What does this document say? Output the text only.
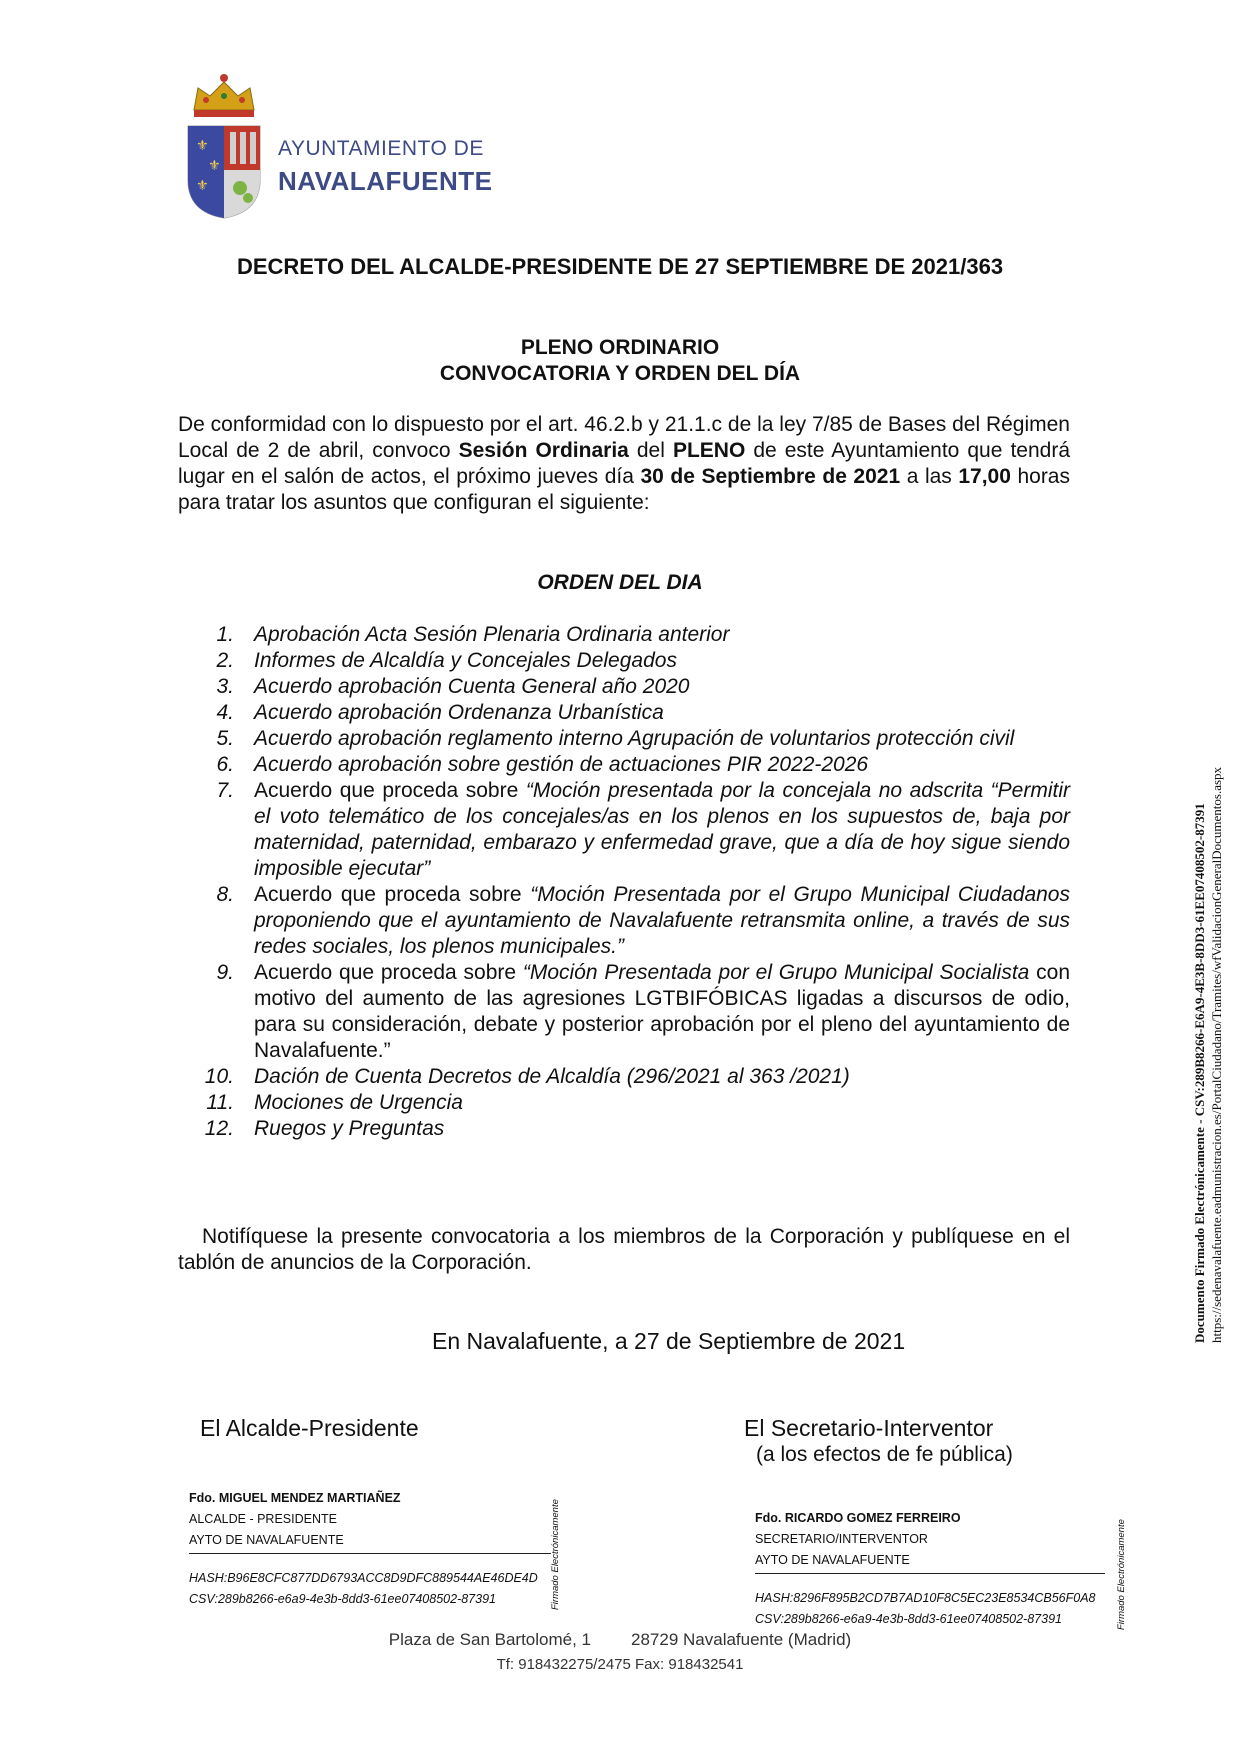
⚜
⚜
⚜
AYUNTAMIENTO DE
NAVALAFUENTE
DECRETO DEL ALCALDE-PRESIDENTE DE 27 SEPTIEMBRE DE 2021/363
PLENO ORDINARIO
CONVOCATORIA Y ORDEN DEL DÍA
De conformidad con lo dispuesto por el art. 46.2.b y 21.1.c de la ley 7/85 de Bases del Régimen Local de 2 de abril, convoco Sesión Ordinaria del PLENO de este Ayuntamiento que tendrá lugar en el salón de actos, el próximo jueves día 30 de Septiembre de 2021 a las 17,00 horas para tratar los asuntos que configuran el siguiente:
ORDEN DEL DIA
1. Aprobación Acta Sesión Plenaria Ordinaria anterior
2. Informes de Alcaldía y Concejales Delegados
3. Acuerdo aprobación Cuenta General año 2020
4. Acuerdo aprobación Ordenanza Urbanística
5. Acuerdo aprobación reglamento interno Agrupación de voluntarios protección civil
6. Acuerdo aprobación sobre gestión de actuaciones PIR 2022-2026
7. Acuerdo que proceda sobre “Moción presentada por la concejala no adscrita “Permitir el voto telemático de los concejales/as en los plenos en los supuestos de, baja por maternidad, paternidad, embarazo y enfermedad grave, que a día de hoy sigue siendo imposible ejecutar”
8. Acuerdo que proceda sobre “Moción Presentada por el Grupo Municipal Ciudadanos proponiendo que el ayuntamiento de Navalafuente retransmita online, a través de sus redes sociales, los plenos municipales.”
9. Acuerdo que proceda sobre “Moción Presentada por el Grupo Municipal Socialista con motivo del aumento de las agresiones LGTBIFÓBICAS ligadas a discursos de odio, para su consideración, debate y posterior aprobación por el pleno del ayuntamiento de Navalafuente.”
10. Dación de Cuenta Decretos de Alcaldía (296/2021 al 363 /2021)
11. Mociones de Urgencia
12. Ruegos y Preguntas
Notifíquese la presente convocatoria a los miembros de la Corporación y publíquese en el tablón de anuncios de la Corporación.
En Navalafuente, a 27 de Septiembre de 2021
El Alcalde-Presidente	El Secretario-Interventor
(a los efectos de fe pública)
Fdo. MIGUEL MENDEZ MARTIAÑEZ
ALCALDE - PRESIDENTE
AYTO DE NAVALAFUENTE
HASH:B96E8CFC877DD6793ACC8D9DFC889544AE46DE4D
CSV:289b8266-e6a9-4e3b-8dd3-61ee07408502-87391	Firmado Electrónicamente	Fdo. RICARDO GOMEZ FERREIRO
SECRETARIO/INTERVENTOR
AYTO DE NAVALAFUENTE
HASH:8296F895B2CD7B7AD10F8C5EC23E8534CB56F0A8
CSV:289b8266-e6a9-4e3b-8dd3-61ee07408502-87391	Firmado Electrónicamente
Documento Firmado Electrónicamente - CSV:289B8266-E6A9-4E3B-8DD3-61EE07408502-87391 https://sedenavalafuente.eadmunistracion.es/PortalCiudadano/Tramites/wfValidacionGeneralDocumentos.aspx
Plaza de San Bartolomé, 1 28729 Navalafuente (Madrid)
Tf: 918432275/2475 Fax: 918432541
